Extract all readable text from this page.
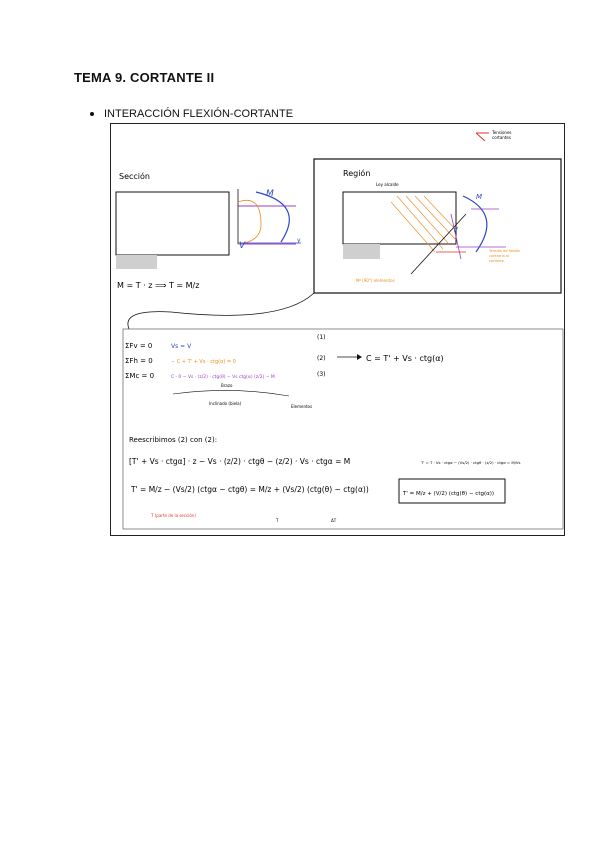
TEMA 9. CORTANTE II
INTERACCIÓN FLEXIÓN-CORTANTE
Tensiones
cortantes
Sección
M
V
y
M = T · z ⟹ T = M/z
Región
Ley alcalde
M
V
Tensión de flexión
contraria al
cortante
Nº (90°) elementos
ΣFv = 0	Vs = V
(1)
ΣFh = 0	− C + T' + Vs · ctg(α) = 0	(2)
ΣMc = 0	C · 0 − Vs · (z/2) · ctg(θ) − Vs ctg(α) (z/2) − M	(3)
C = T' + Vs · ctg(α)
Brazo
Inclinado (biela)
Elementos
Reescribimos (2) con (2):
[T' + Vs · ctgα] · z − Vs · (z/2) · ctgθ − (z/2) · Vs · ctgα = M	T' = T · Vs · ctgα − (Vs/2) · ctgθ · (z/2) · ctgα = M/Vs
T' = M/z − (Vs/2) (ctgα − ctgθ) = M/z + (Vs/2) (ctg(θ) − ctg(α))	T' = M/z + (V/2) (ctg(θ) − ctg(α))
T (parte de la sección)
T	ΔT
